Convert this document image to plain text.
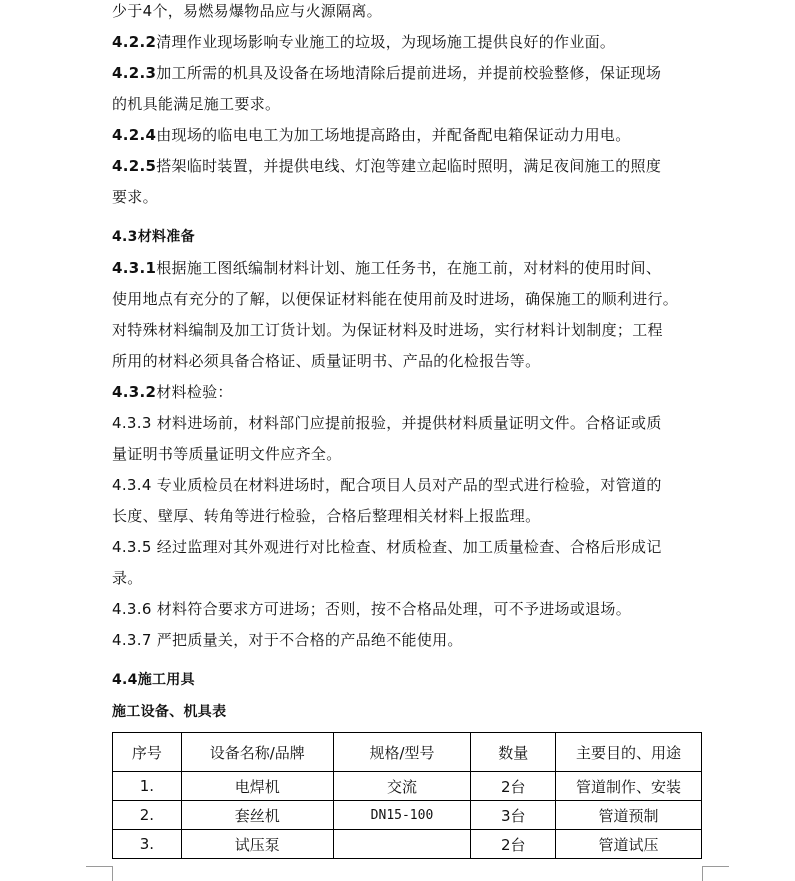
少于4个，易燃易爆物品应与火源隔离。
4.2.2清理作业现场影响专业施工的垃圾，为现场施工提供良好的作业面。
4.2.3加工所需的机具及设备在场地清除后提前进场，并提前校验整修，保证现场
的机具能满足施工要求。
4.2.4由现场的临电电工为加工场地提高路由，并配备配电箱保证动力用电。
4.2.5搭架临时装置，并提供电线、灯泡等建立起临时照明，满足夜间施工的照度
要求。
4.3材料准备
4.3.1根据施工图纸编制材料计划、施工任务书，在施工前，对材料的使用时间、
使用地点有充分的了解，以便保证材料能在使用前及时进场，确保施工的顺利进行。
对特殊材料编制及加工订货计划。为保证材料及时进场，实行材料计划制度；工程
所用的材料必须具备合格证、质量证明书、产品的化检报告等。
4.3.2材料检验：
4.3.3 材料进场前，材料部门应提前报验，并提供材料质量证明文件。合格证或质
量证明书等质量证明文件应齐全。
4.3.4 专业质检员在材料进场时，配合项目人员对产品的型式进行检验，对管道的
长度、壁厚、转角等进行检验，合格后整理相关材料上报监理。
4.3.5 经过监理对其外观进行对比检查、材质检查、加工质量检查、合格后形成记
录。
4.3.6 材料符合要求方可进场；否则，按不合格品处理，可不予进场或退场。
4.3.7 严把质量关，对于不合格的产品绝不能使用。
4.4施工用具
施工设备、机具表
序号	设备名称/品牌	规格/型号	数量	主要目的、用途
1.	电焊机	交流	2台	管道制作、安装
2.	套丝机	DN15-100	3台	管道预制
3.	试压泵		2台	管道试压
